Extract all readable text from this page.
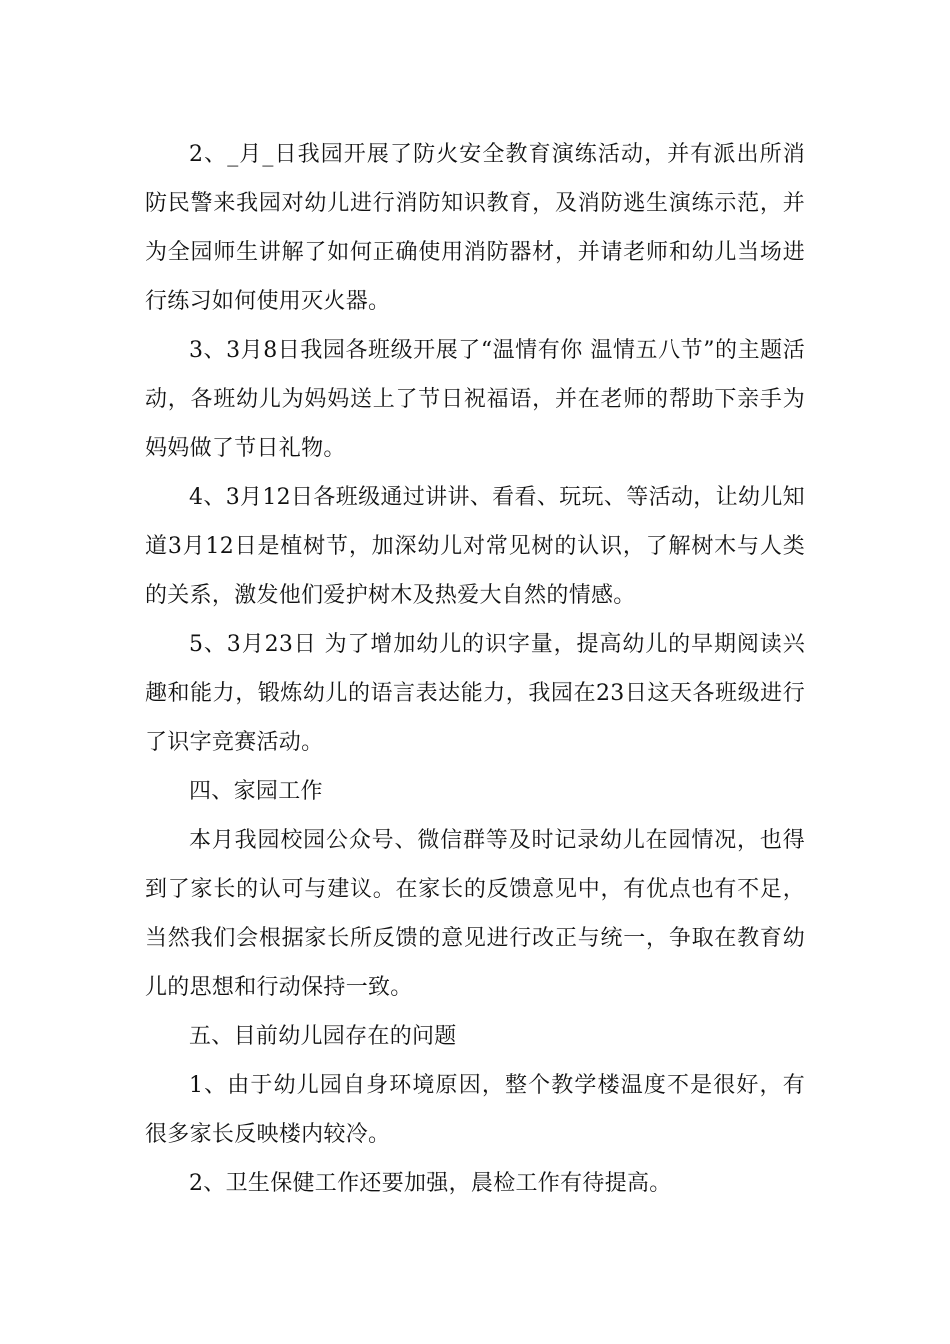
2、_月_日我园开展了防火安全教育演练活动，并有派出所消防民警来我园对幼儿进行消防知识教育，及消防逃生演练示范，并为全园师生讲解了如何正确使用消防器材，并请老师和幼儿当场进行练习如何使用灭火器。

3、3月8日我园各班级开展了“温情有你 温情五八节”的主题活动，各班幼儿为妈妈送上了节日祝福语，并在老师的帮助下亲手为妈妈做了节日礼物。

4、3月12日各班级通过讲讲、看看、玩玩、等活动，让幼儿知道3月12日是植树节，加深幼儿对常见树的认识，了解树木与人类的关系，激发他们爱护树木及热爱大自然的情感。

5、3月23日 为了增加幼儿的识字量，提高幼儿的早期阅读兴趣和能力，锻炼幼儿的语言表达能力，我园在23日这天各班级进行了识字竞赛活动。

四、家园工作

本月我园校园公众号、微信群等及时记录幼儿在园情况，也得到了家长的认可与建议。在家长的反馈意见中，有优点也有不足，当然我们会根据家长所反馈的意见进行改正与统一，争取在教育幼儿的思想和行动保持一致。

五、目前幼儿园存在的问题

1、由于幼儿园自身环境原因，整个教学楼温度不是很好，有很多家长反映楼内较冷。

2、卫生保健工作还要加强，晨检工作有待提高。
